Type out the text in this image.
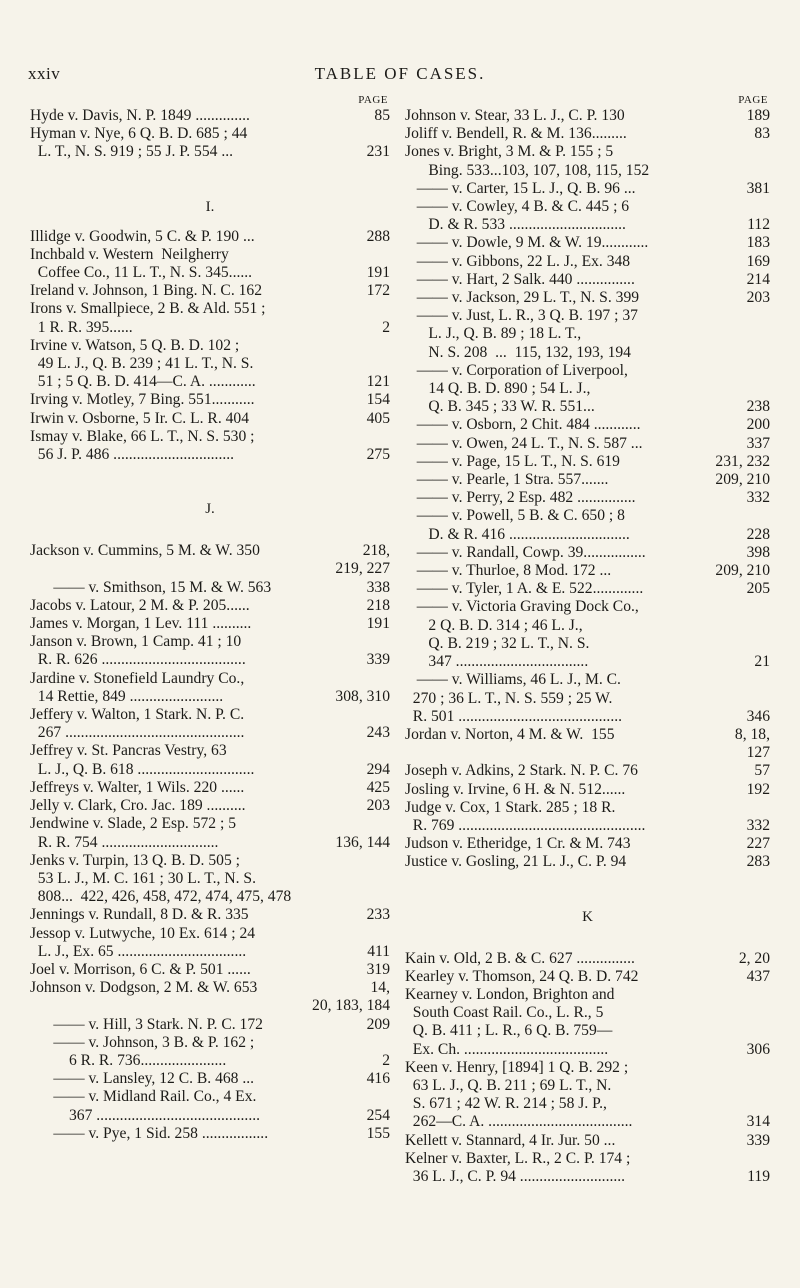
xxiv	TABLE OF CASES.
PAGE
Hyde v. Davis, N. P. 1849 ..............	85
Hyman v. Nye, 6 Q. B. D. 685 ; 44
L. T., N. S. 919 ; 55 J. P. 554 ...	231
I.
Illidge v. Goodwin, 5 C. & P. 190 ...	288
Inchbald v. Western  Neilgherry
Coffee Co., 11 L. T., N. S. 345......	191
Ireland v. Johnson, 1 Bing. N. C. 162	172
Irons v. Smallpiece, 2 B. & Ald. 551 ;
1 R. R. 395......	2
Irvine v. Watson, 5 Q. B. D. 102 ;
49 L. J., Q. B. 239 ; 41 L. T., N. S.
51 ; 5 Q. B. D. 414—C. A. ............	121
Irving v. Motley, 7 Bing. 551...........	154
Irwin v. Osborne, 5 Ir. C. L. R. 404	405
Ismay v. Blake, 66 L. T., N. S. 530 ;
56 J. P. 486 ...............................	275
J.
Jackson v. Cummins, 5 M. & W. 350	218,
219, 227
—— v. Smithson, 15 M. & W. 563	338
Jacobs v. Latour, 2 M. & P. 205......	218
James v. Morgan, 1 Lev. 111 ..........	191
Janson v. Brown, 1 Camp. 41 ; 10
R. R. 626 .....................................	339
Jardine v. Stonefield Laundry Co.,
14 Rettie, 849 ........................	308, 310
Jeffery v. Walton, 1 Stark. N. P. C.
267 ..............................................	243
Jeffrey v. St. Pancras Vestry, 63
L. J., Q. B. 618 ..............................	294
Jeffreys v. Walter, 1 Wils. 220 ......	425
Jelly v. Clark, Cro. Jac. 189 ..........	203
Jendwine v. Slade, 2 Esp. 572 ; 5
R. R. 754 ..............................	136, 144
Jenks v. Turpin, 13 Q. B. D. 505 ;
53 L. J., M. C. 161 ; 30 L. T., N. S.
808...  422, 426, 458, 472, 474, 475, 478
Jennings v. Rundall, 8 D. & R. 335	233
Jessop v. Lutwyche, 10 Ex. 614 ; 24
L. J., Ex. 65 .................................	411
Joel v. Morrison, 6 C. & P. 501 ......	319
Johnson v. Dodgson, 2 M. & W. 653	14,
20, 183, 184
—— v. Hill, 3 Stark. N. P. C. 172	209
—— v. Johnson, 3 B. & P. 162 ;
6 R. R. 736......................	2
—— v. Lansley, 12 C. B. 468 ...	416
—— v. Midland Rail. Co., 4 Ex.
367 ..........................................	254
—— v. Pye, 1 Sid. 258 .................	155
PAGE
Johnson v. Stear, 33 L. J., C. P. 130	189
Joliff v. Bendell, R. & M. 136.........	83
Jones v. Bright, 3 M. & P. 155 ; 5
Bing. 533...103, 107, 108, 115, 152
—— v. Carter, 15 L. J., Q. B. 96 ...	381
—— v. Cowley, 4 B. & C. 445 ; 6
D. & R. 533 ..............................	112
—— v. Dowle, 9 M. & W. 19............	183
—— v. Gibbons, 22 L. J., Ex. 348	169
—— v. Hart, 2 Salk. 440 ...............	214
—— v. Jackson, 29 L. T., N. S. 399	203
—— v. Just, L. R., 3 Q. B. 197 ; 37
L. J., Q. B. 89 ; 18 L. T.,
N. S. 208  ...  115, 132, 193, 194
—— v. Corporation of Liverpool,
14 Q. B. D. 890 ; 54 L. J.,
Q. B. 345 ; 33 W. R. 551...	238
—— v. Osborn, 2 Chit. 484 ............	200
—— v. Owen, 24 L. T., N. S. 587 ...	337
—— v. Page, 15 L. T., N. S. 619	231, 232
—— v. Pearle, 1 Stra. 557.......	209, 210
—— v. Perry, 2 Esp. 482 ...............	332
—— v. Powell, 5 B. & C. 650 ; 8
D. & R. 416 ...............................	228
—— v. Randall, Cowp. 39................	398
—— v. Thurloe, 8 Mod. 172 ...	209, 210
—— v. Tyler, 1 A. & E. 522.............	205
—— v. Victoria Graving Dock Co.,
2 Q. B. D. 314 ; 46 L. J.,
Q. B. 219 ; 32 L. T., N. S.
347 ..................................	21
—— v. Williams, 46 L. J., M. C.
270 ; 36 L. T., N. S. 559 ; 25 W.
R. 501 ..........................................	346
Jordan v. Norton, 4 M. & W.  155	8, 18,
127
Joseph v. Adkins, 2 Stark. N. P. C. 76	57
Josling v. Irvine, 6 H. & N. 512......	192
Judge v. Cox, 1 Stark. 285 ; 18 R.
R. 769 ................................................	332
Judson v. Etheridge, 1 Cr. & M. 743	227
Justice v. Gosling, 21 L. J., C. P. 94	283
K
Kain v. Old, 2 B. & C. 627 ...............	2, 20
Kearley v. Thomson, 24 Q. B. D. 742	437
Kearney v. London, Brighton and
South Coast Rail. Co., L. R., 5
Q. B. 411 ; L. R., 6 Q. B. 759—
Ex. Ch. .....................................	306
Keen v. Henry, [1894] 1 Q. B. 292 ;
63 L. J., Q. B. 211 ; 69 L. T., N.
S. 671 ; 42 W. R. 214 ; 58 J. P.,
262—C. A. .....................................	314
Kellett v. Stannard, 4 Ir. Jur. 50 ...	339
Kelner v. Baxter, L. R., 2 C. P. 174 ;
36 L. J., C. P. 94 ...........................	119
